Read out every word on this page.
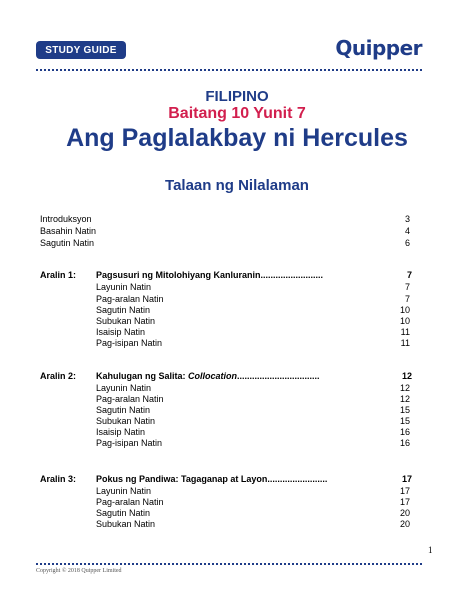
STUDY GUIDE	Quipper
FILIPINO
Baitang 10 Yunit 7
Ang Paglalakbay ni Hercules
Talaan ng Nilalaman
Introduksyon	3
Basahin Natin	4
Sagutin Natin	6
Aralin 1: Pagsusuri ng Mitolohiyang Kanluranin.........................	7
Layunin Natin	7
Pag-aralan Natin	7
Sagutin Natin	10
Subukan Natin	10
Isaisip Natin	11
Pag-isipan Natin	11
Aralin 2: Kahulugan ng Salita: Collocation.................................	12
Layunin Natin	12
Pag-aralan Natin	12
Sagutin Natin	15
Subukan Natin	15
Isaisip Natin	16
Pag-isipan Natin	16
Aralin 3: Pokus ng Pandiwa: Tagaganap at Layon........................	17
Layunin Natin	17
Pag-aralan Natin	17
Sagutin Natin	20
Subukan Natin	20
1
Copyright © 2018 Quipper Limited
